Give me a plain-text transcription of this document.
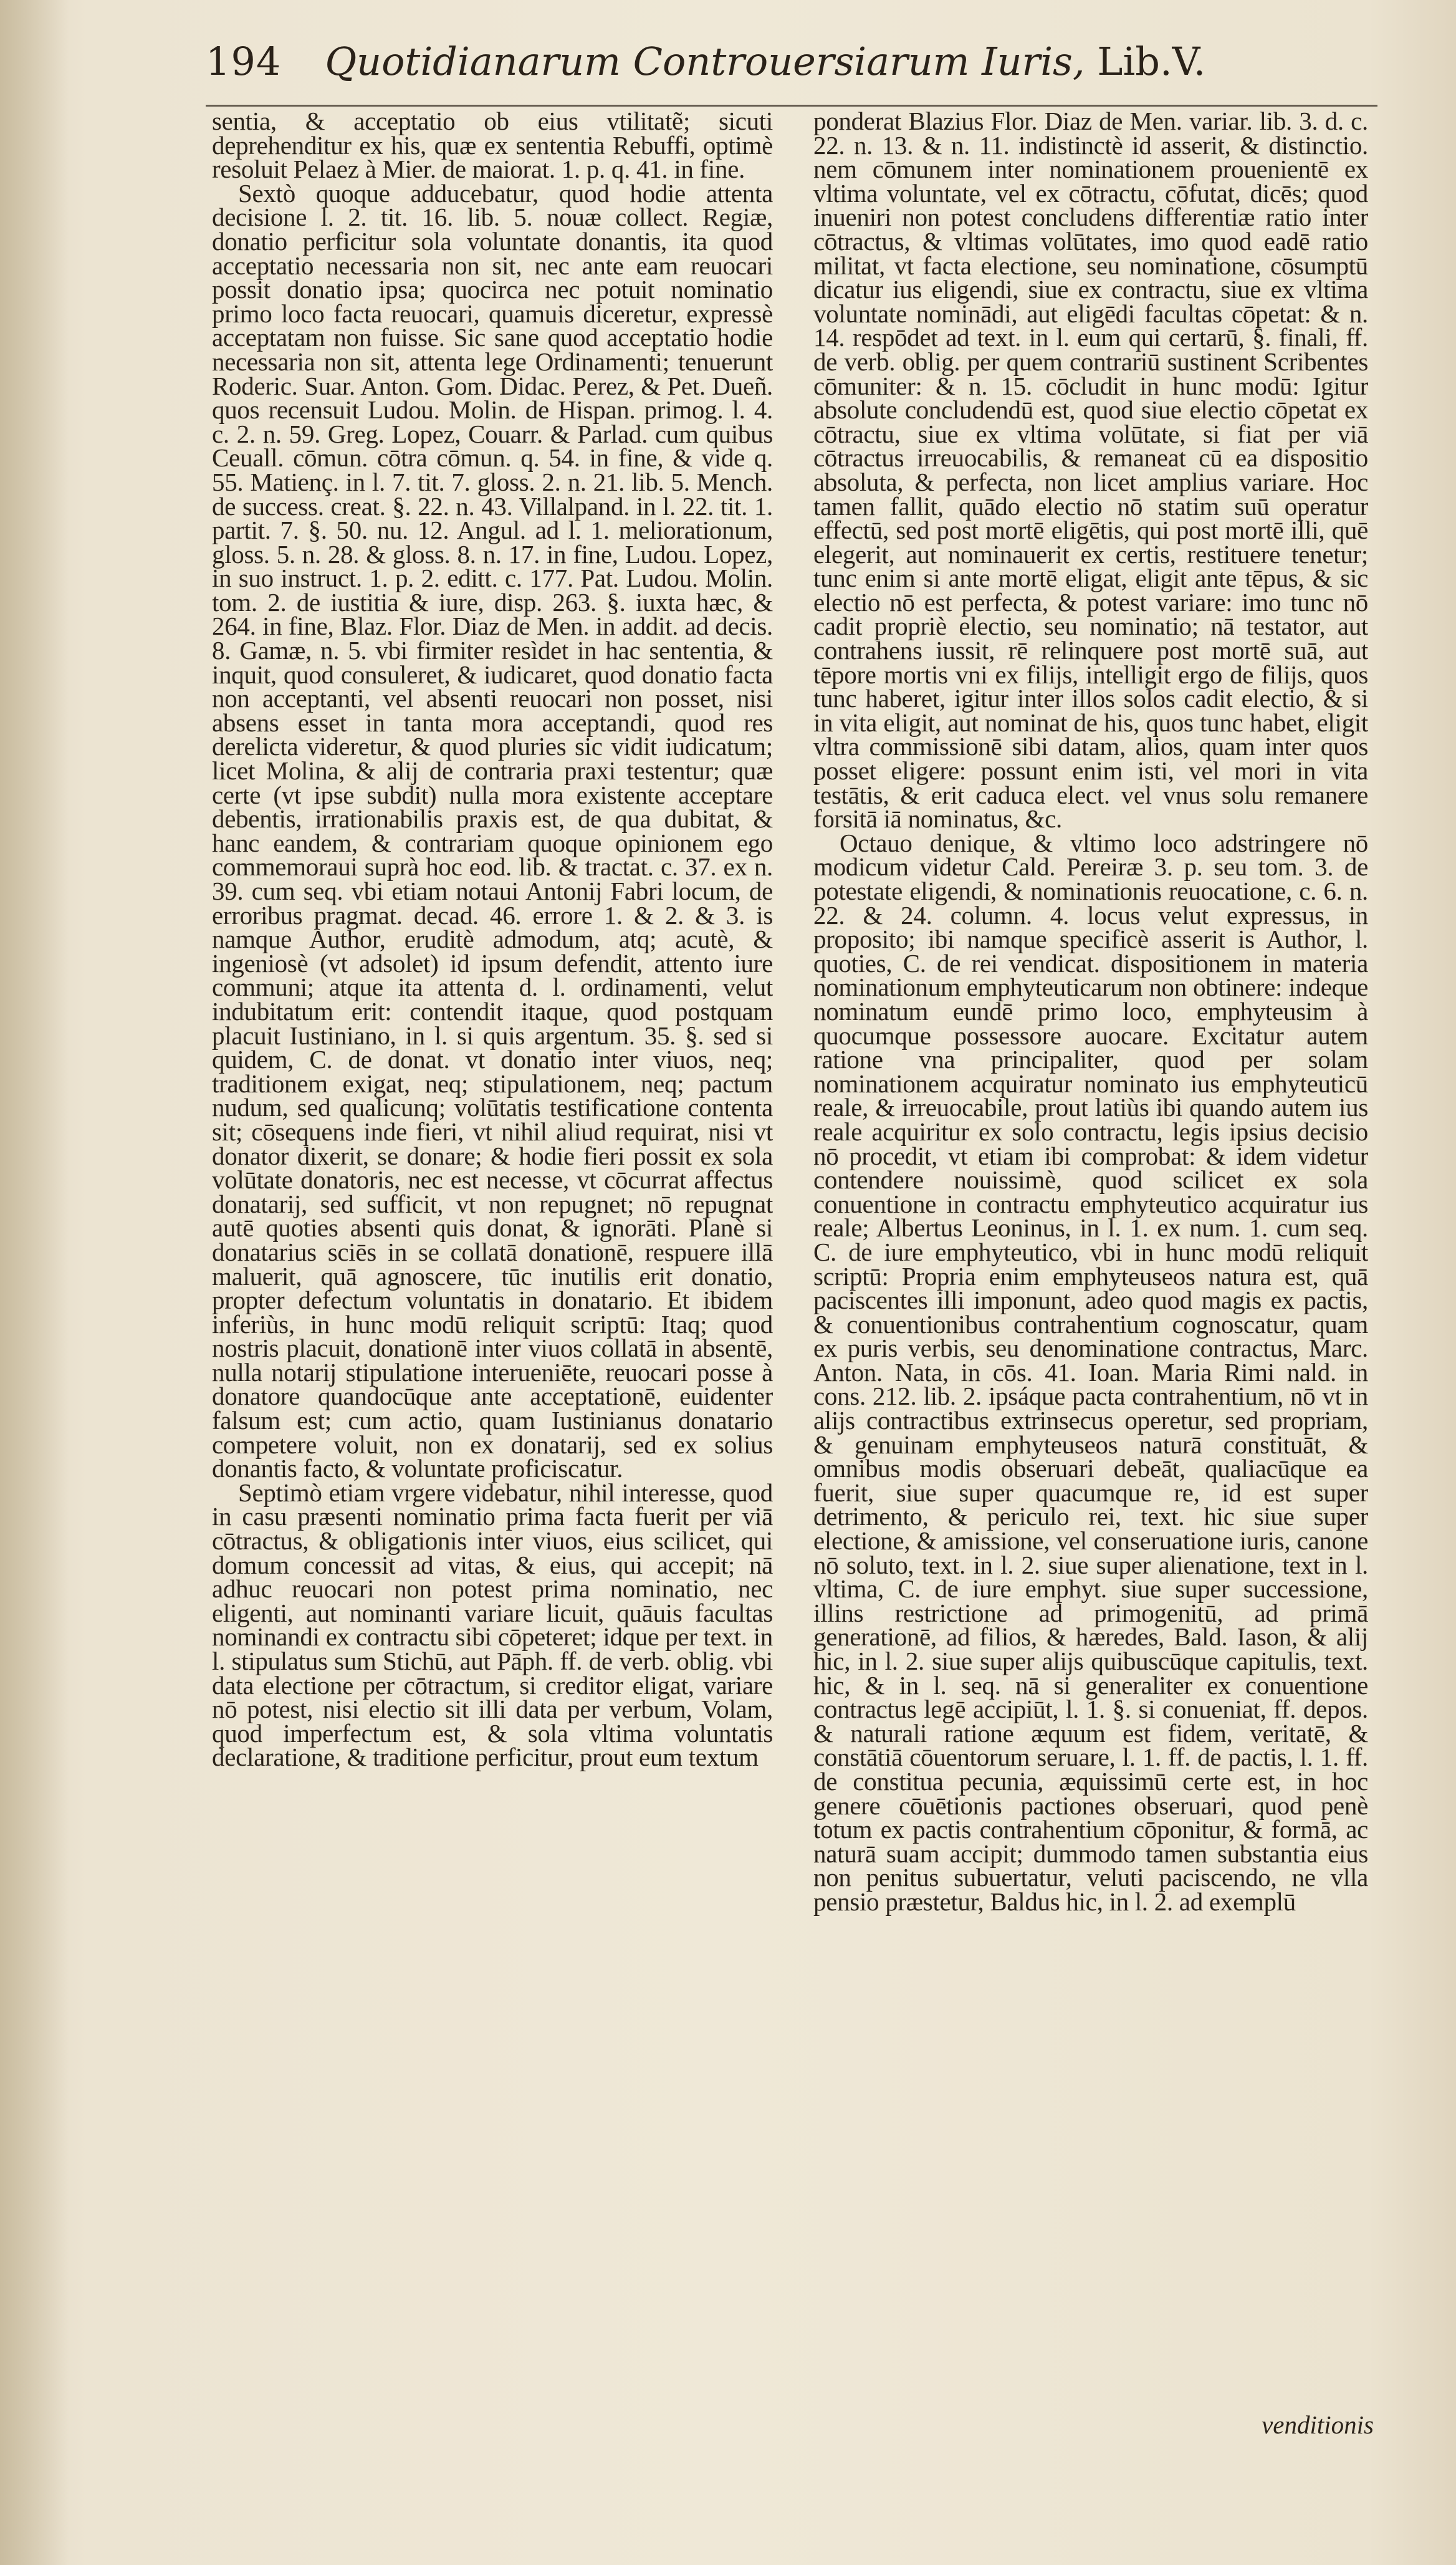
194 Quotidianarum Controuersiarum Iuris, Lib.V.

sentia, & acceptatio ob eius vtilitatẽ; sicuti deprehenditur ex his, quæ ex sententia Rebuffi, optimè resoluit Pelaez à Mier. de maiorat. 1. p. q. 41. in fine.

Sextò quoque adducebatur, quod hodie attenta decisione l. 2. tit. 16. lib. 5. nouæ collect. Regiæ, donatio perficitur sola voluntate donantis, ita quod acceptatio necessaria non sit, nec ante eam reuocari possit donatio ipsa; quocirca nec potuit nominatio primo loco facta reuocari, quamuis diceretur, expressè acceptatam non fuisse. Sic sane quod acceptatio hodie necessaria non sit, attenta lege Ordinamenti; tenuerunt Roderic. Suar. Anton. Gom. Didac. Perez, & Pet. Dueñ. quos recensuit Ludou. Molin. de Hispan. primog. l. 4. c. 2. n. 59. Greg. Lopez, Couarr. & Parlad. cum quibus Ceuall. cōmun. cōtra cōmun. q. 54. in fine, & vide q. 55. Matienç. in l. 7. tit. 7. gloss. 2. n. 21. lib. 5. Mench. de success. creat. §. 22. n. 43. Villalpand. in l. 22. tit. 1. partit. 7. §. 50. nu. 12. Angul. ad l. 1. meliorationum, gloss. 5. n. 28. & gloss. 8. n. 17. in fine, Ludou. Lopez, in suo instruct. 1. p. 2. editt. c. 177. Pat. Ludou. Molin. tom. 2. de iustitia & iure, disp. 263. §. iuxta hæc, & 264. in fine, Blaz. Flor. Diaz de Men. in addit. ad decis. 8. Gamæ, n. 5. vbi firmiter resìdet in hac sententia, & inquit, quod consuleret, & iudicaret, quod donatio facta non acceptanti, vel absenti reuocari non posset, nisi absens esset in tanta mora acceptandi, quod res derelicta videretur, & quod pluries sic vidit iudicatum; licet Molina, & alij de contraria praxi testentur; quæ certe (vt ipse subdit) nulla mora existente acceptare debentis, irrationabilis praxis est, de qua dubitat, & hanc eandem, & contrariam quoque opinionem ego commemoraui suprà hoc eod. lib. & tractat. c. 37. ex n. 39. cum seq. vbi etiam notaui Antonij Fabri locum, de erroribus pragmat. decad. 46. errore 1. & 2. & 3. is namque Author, eruditè admodum, atq; acutè, & ingeniosè (vt adsolet) id ipsum defendit, attento iure communi; atque ita attenta d. l. ordinamenti, velut indubitatum erit: contendit itaque, quod postquam placuit Iustiniano, in l. si quis argentum. 35. §. sed si quidem, C. de donat. vt donatio inter viuos, neq; traditionem exigat, neq; stipulationem, neq; pactum nudum, sed qualicunq; volūtatis testificatione contenta sit; cōsequens inde fieri, vt nihil aliud requirat, nisi vt donator dixerit, se donare; & hodie fieri possit ex sola volūtate donatoris, nec est necesse, vt cōcurrat affectus donatarij, sed sufficit, vt non repugnet; nō repugnat autē quoties absenti quis donat, & ignorāti. Planè si donatarius sciēs in se collatā donationē, respuere illā maluerit, quā agnoscere, tūc inutilis erit donatio, propter defectum voluntatis in donatario. Et ibidem inferiùs, in hunc modū reliquit scriptū: Itaq; quod nostris placuit, donationē inter viuos collatā in absentē, nulla notarij stipulatione interueniēte, reuocari posse à donatore quandocūque ante acceptationē, euidenter falsum est; cum actio, quam Iustinianus donatario competere voluit, non ex donatarij, sed ex solius donantis facto, & voluntate proficiscatur.

Septimò etiam vrgere videbatur, nihil interesse, quod in casu præsenti nominatio prima facta fuerit per viā cōtractus, & obligationis inter viuos, eius scilicet, qui domum concessit ad vitas, & eius, qui accepit; nā adhuc reuocari non potest prima nominatio, nec eligenti, aut nominanti variare licuit, quāuis facultas nominandi ex contractu sibi cōpeteret; idque per text. in l. stipulatus sum Stichū, aut Pāph. ff. de verb. oblig. vbi data electione per cōtractum, si creditor eligat, variare nō potest, nisi electio sit illi data per verbum, Volam, quod imperfectum est, & sola vltima voluntatis declaratione, & traditione perficitur, prout eum textum

ponderat Blazius Flor. Diaz de Men. variar. lib. 3. d. c. 22. n. 13. & n. 11. indistinctè id asserit, & distinctio. nem cōmunem inter nominationem prouenientē ex vltima voluntate, vel ex cōtractu, cōfutat, dicēs; quod inueniri non potest concludens differentiæ ratio inter cōtractus, & vltimas volūtates, imo quod eadē ratio militat, vt facta electione, seu nominatione, cōsumptū dicatur ius eligendi, siue ex contractu, siue ex vltima voluntate nominādi, aut eligēdi facultas cōpetat: & n. 14. respōdet ad text. in l. eum qui certarū, §. finali, ff. de verb. oblig. per quem contrariū sustinent Scribentes cōmuniter: & n. 15. cōcludit in hunc modū: Igitur absolute concludendū est, quod siue electio cōpetat ex cōtractu, siue ex vltima volūtate, si fiat per viā cōtractus irreuocabilis, & remaneat cū ea dispositio absoluta, & perfecta, non licet amplius variare. Hoc tamen fallit, quādo electio nō statim suū operatur effectū, sed post mortē eligētis, qui post mortē illi, quē elegerit, aut nominauerit ex certis, restituere tenetur; tunc enim si ante mortē eligat, eligit ante tēpus, & sic electio nō est perfecta, & potest variare: imo tunc nō cadit propriè electio, seu nominatio; nā testator, aut contrahens iussit, rē relinquere post mortē suā, aut tēpore mortis vni ex filijs, intelligit ergo de filijs, quos tunc haberet, igitur inter illos solos cadit electio, & si in vita eligit, aut nominat de his, quos tunc habet, eligit vltra commissionē sibi datam, alios, quam inter quos posset eligere: possunt enim isti, vel mori in vita testātis, & erit caduca elect. vel vnus solu remanere forsitā iā nominatus, &c.

Octauo denique, & vltimo loco adstringere nō modicum videtur Cald. Pereiræ 3. p. seu tom. 3. de potestate eligendi, & nominationis reuocatione, c. 6. n. 22. & 24. column. 4. locus velut expressus, in proposito; ibi namque specificè asserit is Author, l. quoties, C. de rei vendicat. dispositionem in materia nominationum emphyteuticarum non obtinere: indeque nominatum eundē primo loco, emphyteusim à quocumque possessore auocare. Excitatur autem ratione vna principaliter, quod per solam nominationem acquiratur nominato ius emphyteuticū reale, & irreuocabile, prout latiùs ibi quando autem ius reale acquiritur ex solo contractu, legis ipsius decisio nō procedit, vt etiam ibi comprobat: & idem videtur contendere nouissimè, quod scilicet ex sola conuentione in contractu emphyteutico acquiratur ius reale; Albertus Leoninus, in l. 1. ex num. 1. cum seq. C. de iure emphyteutico, vbi in hunc modū reliquit scriptū: Propria enim emphyteuseos natura est, quā paciscentes illi imponunt, adeo quod magis ex pactis, & conuentionibus contrahentium cognoscatur, quam ex puris verbis, seu denominatione contractus, Marc. Anton. Nata, in cōs. 41. Ioan. Maria Rimi nald. in cons. 212. lib. 2. ipsáque pacta contrahentium, nō vt in alijs contractibus extrinsecus operetur, sed propriam, & genuinam emphyteuseos naturā constituāt, & omnibus modis obseruari debeāt, qualiacūque ea fuerit, siue super quacumque re, id est super detrimento, & periculo rei, text. hic siue super electione, & amissione, vel conseruatione iuris, canone nō soluto, text. in l. 2. siue super alienatione, text in l. vltima, C. de iure emphyt. siue super successione, illins restrictione ad primogenitū, ad primā generationē, ad filios, & hæredes, Bald. Iason, & alij hic, in l. 2. siue super alijs quibuscūque capitulis, text. hic, & in l. seq. nā si generaliter ex conuentione contractus legē accipiūt, l. 1. §. si conueniat, ff. depos. & naturali ratione æquum est fidem, veritatē, & constātiā cōuentorum seruare, l. 1. ff. de pactis, l. 1. ff. de constitua pecunia, æquissimū certe est, in hoc genere cōuētionis pactiones obseruari, quod penè totum ex pactis contrahentium cōponitur, & formā, ac naturā suam accipit; dummodo tamen substantia eius non penitus subuertatur, veluti paciscendo, ne vlla pensio præstetur, Baldus hic, in l. 2. ad exemplū

venditionis
